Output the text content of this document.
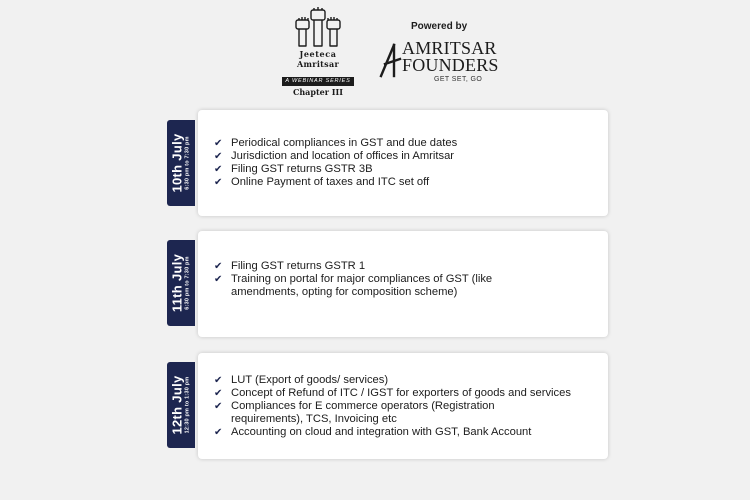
Jeeteca
Amritsar
A WEBINAR SERIES
Chapter III
Powered by
AMRITSAR
FOUNDERS
GET SET, GO
10th July 6:30 pm to 7:30 pm ✔ Periodical compliances in GST and due dates
✔ Jurisdiction and location of offices in Amritsar
✔ Filing GST returns GSTR 3B
✔ Online Payment of taxes and ITC set off
11th July 6:30 pm to 7:30 pm ✔ Filing GST returns GSTR 1
✔ Training on portal for major compliances of GST (like amendments, opting for composition scheme)
12th July 12:30 pm to 1:30 pm ✔ LUT (Export of goods/ services)
✔ Concept of Refund of ITC / IGST for exporters of goods and services
✔ Compliances for E commerce operators (Registration requirements), TCS, Invoicing etc
✔ Accounting on cloud and integration with GST, Bank Account
